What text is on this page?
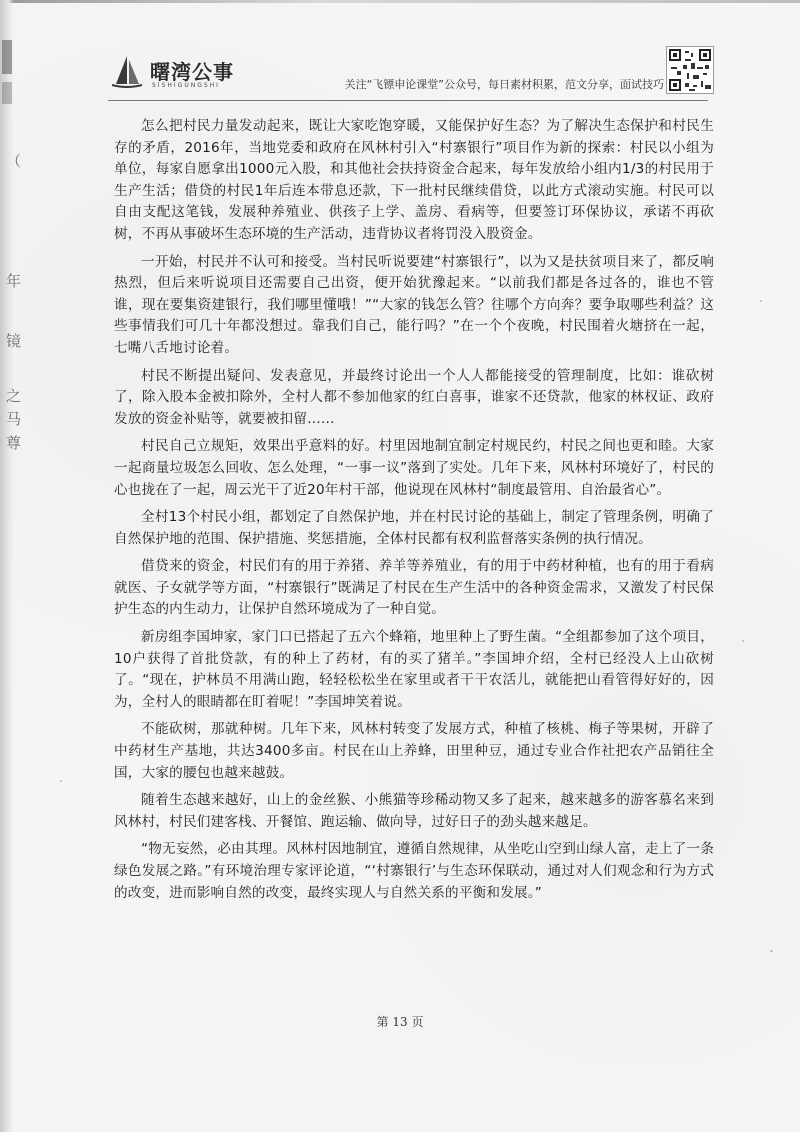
（
年
镜
之
马
尊
曙湾公事
SISHIGUNGSHI	关注“飞镖申论课堂”公众号，每日素材积累，范文分享，面试技巧

怎么把村民力量发动起来，既让大家吃饱穿暖，又能保护好生态？为了解决生态保护和村民生存的矛盾，2016年，当地党委和政府在风林村引入“村寨银行”项目作为新的探索：村民以小组为单位，每家自愿拿出1000元入股，和其他社会扶持资金合起来，每年发放给小组内1/3的村民用于生产生活；借贷的村民1年后连本带息还款，下一批村民继续借贷，以此方式滚动实施。村民可以自由支配这笔钱，发展种养殖业、供孩子上学、盖房、看病等，但要签订环保协议，承诺不再砍树，不再从事破坏生态环境的生产活动，违背协议者将罚没入股资金。

一开始，村民并不认可和接受。当村民听说要建“村寨银行”，以为又是扶贫项目来了，都反响热烈，但后来听说项目还需要自己出资，便开始犹豫起来。“以前我们都是各过各的，谁也不管谁，现在要集资建银行，我们哪里懂哦！”“大家的钱怎么管？往哪个方向奔？要争取哪些利益？这些事情我们可几十年都没想过。靠我们自己，能行吗？”在一个个夜晚，村民围着火塘挤在一起，七嘴八舌地讨论着。

村民不断提出疑问、发表意见，并最终讨论出一个人人都能接受的管理制度，比如：谁砍树了，除入股本金被扣除外，全村人都不参加他家的红白喜事，谁家不还贷款，他家的林权证、政府发放的资金补贴等，就要被扣留……

村民自己立规矩，效果出乎意料的好。村里因地制宜制定村规民约，村民之间也更和睦。大家一起商量垃圾怎么回收、怎么处理，“一事一议”落到了实处。几年下来，风林村环境好了，村民的心也拢在了一起，周云光干了近20年村干部，他说现在风林村“制度最管用、自治最省心”。

全村13个村民小组，都划定了自然保护地，并在村民讨论的基础上，制定了管理条例，明确了自然保护地的范围、保护措施、奖惩措施，全体村民都有权利监督落实条例的执行情况。

借贷来的资金，村民们有的用于养猪、养羊等养殖业，有的用于中药材种植，也有的用于看病就医、子女就学等方面，“村寨银行”既满足了村民在生产生活中的各种资金需求，又激发了村民保护生态的内生动力，让保护自然环境成为了一种自觉。

新房组李国坤家，家门口已搭起了五六个蜂箱，地里种上了野生菌。“全组都参加了这个项目，10户获得了首批贷款，有的种上了药材，有的买了猪羊。”李国坤介绍，全村已经没人上山砍树了。“现在，护林员不用满山跑，轻轻松松坐在家里或者干干农活儿，就能把山看管得好好的，因为，全村人的眼睛都在盯着呢！”李国坤笑着说。

不能砍树，那就种树。几年下来，风林村转变了发展方式，种植了核桃、梅子等果树，开辟了中药材生产基地，共达3400多亩。村民在山上养蜂，田里种豆，通过专业合作社把农产品销往全国，大家的腰包也越来越鼓。

随着生态越来越好，山上的金丝猴、小熊猫等珍稀动物又多了起来，越来越多的游客慕名来到风林村，村民们建客栈、开餐馆、跑运输、做向导，过好日子的劲头越来越足。

“物无妄然，必由其理。风林村因地制宜，遵循自然规律，从坐吃山空到山绿人富，走上了一条绿色发展之路。”有环境治理专家评论道，“‘村寨银行’与生态环保联动，通过对人们观念和行为方式的改变，进而影响自然的改变，最终实现人与自然关系的平衡和发展。”

第 13 页
